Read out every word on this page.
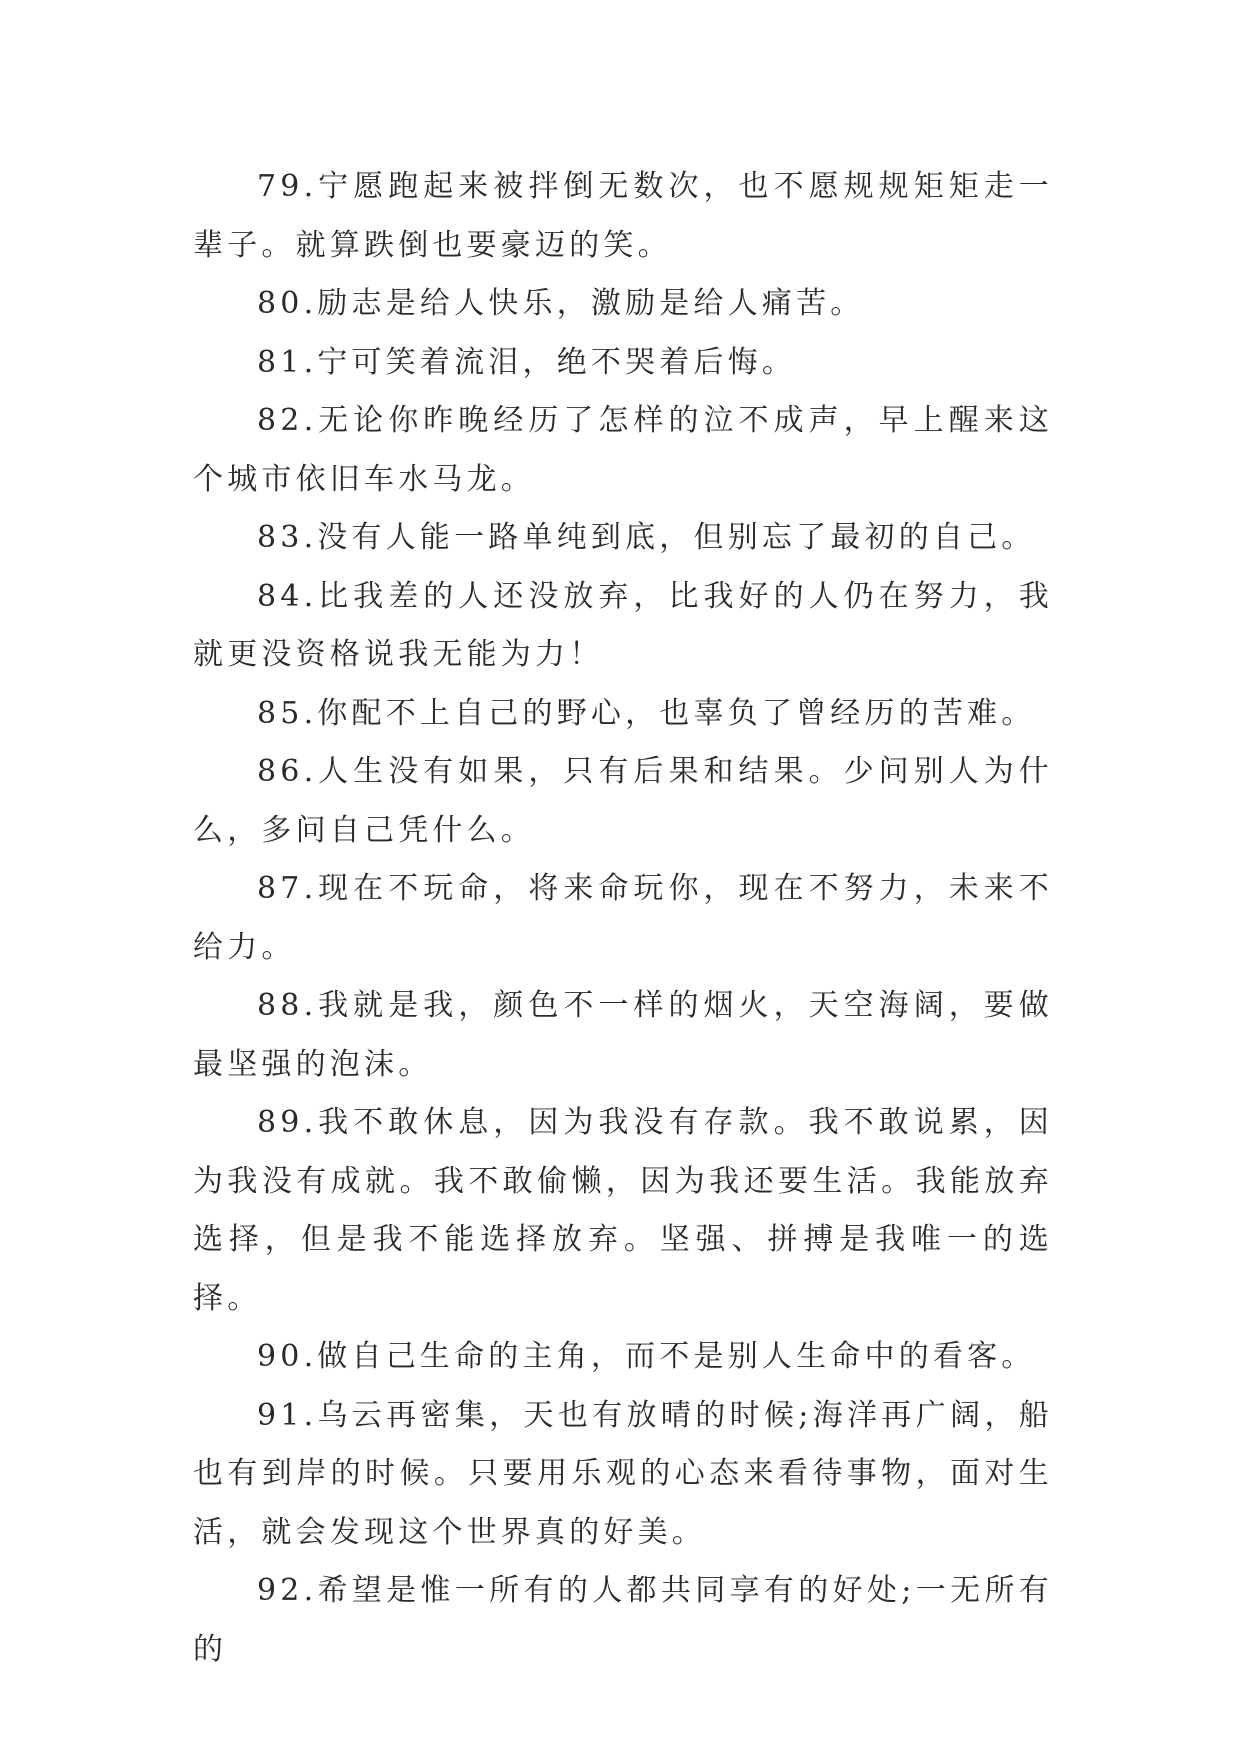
79.宁愿跑起来被拌倒无数次，也不愿规规矩矩走一辈子。就算跌倒也要豪迈的笑。

80.励志是给人快乐，激励是给人痛苦。

81.宁可笑着流泪，绝不哭着后悔。

82.无论你昨晚经历了怎样的泣不成声，早上醒来这个城市依旧车水马龙。

83.没有人能一路单纯到底，但别忘了最初的自己。

84.比我差的人还没放弃，比我好的人仍在努力，我就更没资格说我无能为力！

85.你配不上自己的野心，也辜负了曾经历的苦难。

86.人生没有如果，只有后果和结果。少问别人为什么，多问自己凭什么。

87.现在不玩命，将来命玩你，现在不努力，未来不给力。

88.我就是我，颜色不一样的烟火，天空海阔，要做最坚强的泡沫。

89.我不敢休息，因为我没有存款。我不敢说累，因为我没有成就。我不敢偷懒，因为我还要生活。我能放弃选择，但是我不能选择放弃。坚强、拼搏是我唯一的选择。

90.做自己生命的主角，而不是别人生命中的看客。

91.乌云再密集，天也有放晴的时候;海洋再广阔，船也有到岸的时候。只要用乐观的心态来看待事物，面对生活，就会发现这个世界真的好美。

92.希望是惟一所有的人都共同享有的好处;一无所有的
